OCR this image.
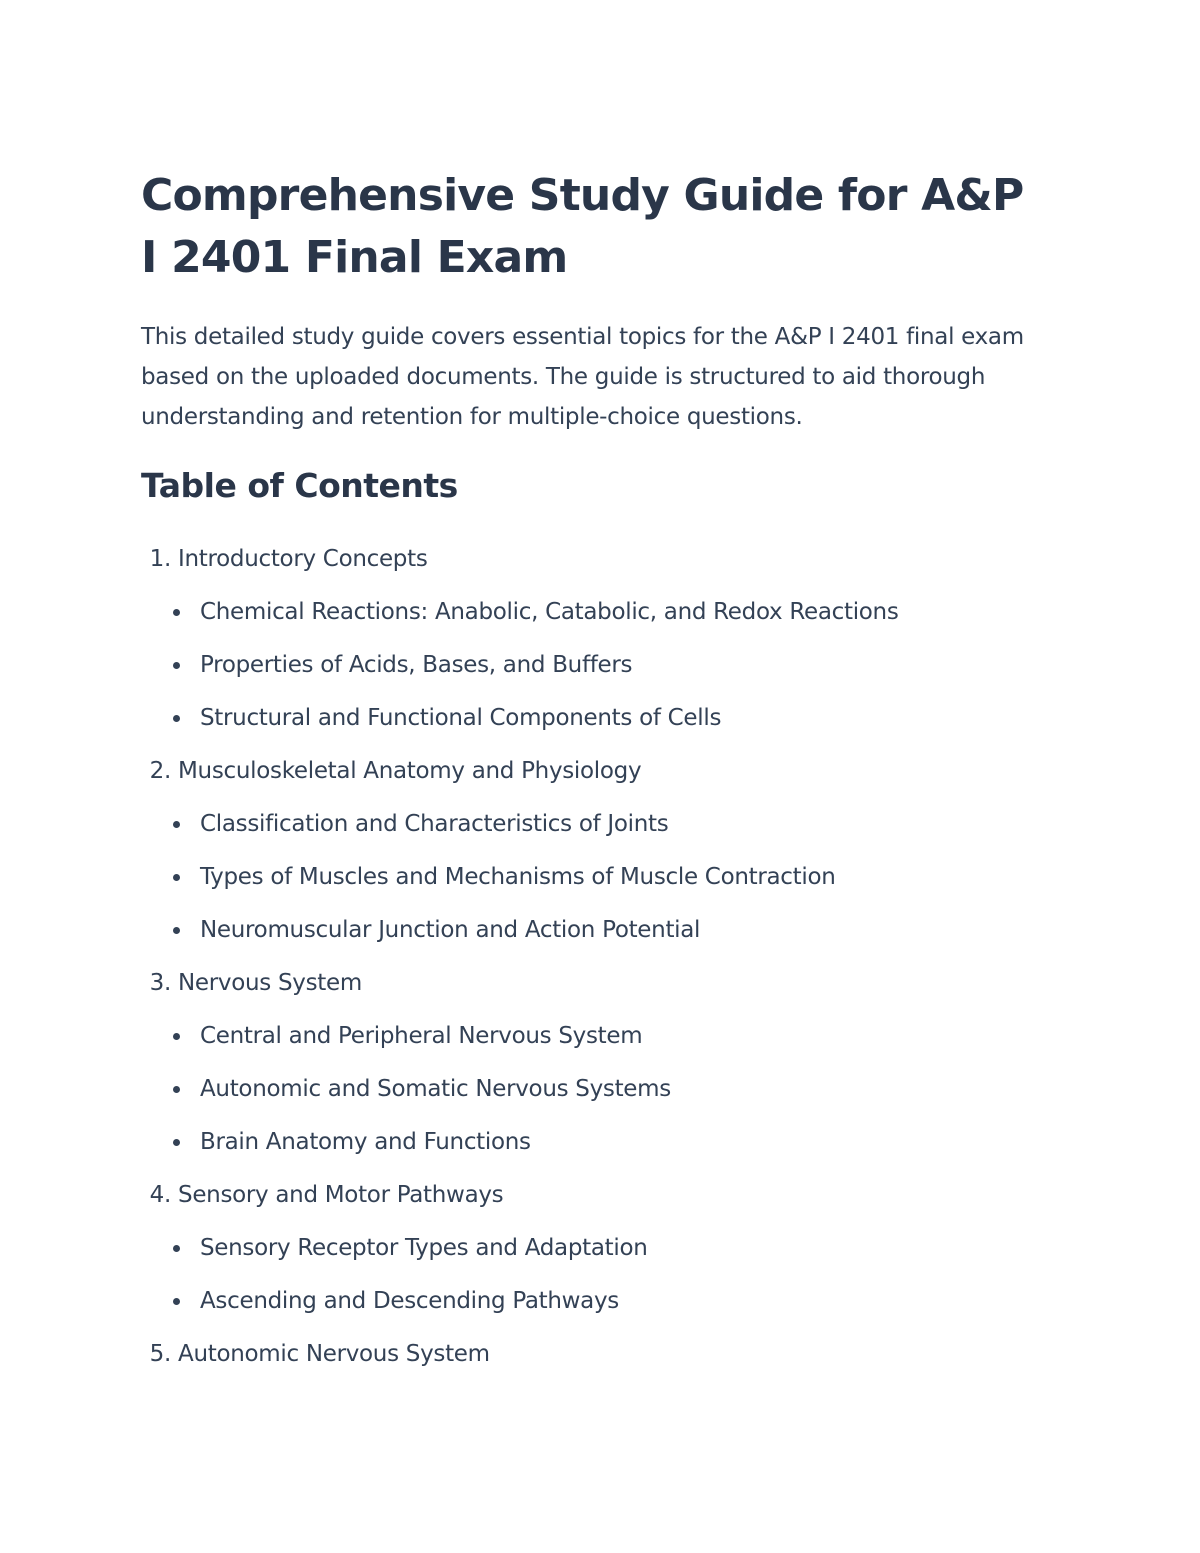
Comprehensive Study Guide for A&P I 2401 Final Exam

This detailed study guide covers essential topics for the A&P I 2401 final exam based on the uploaded documents. The guide is structured to aid thorough understanding and retention for multiple-choice questions.

Table of Contents
1. Introductory Concepts
Chemical Reactions: Anabolic, Catabolic, and Redox Reactions
Properties of Acids, Bases, and Buffers
Structural and Functional Components of Cells
2. Musculoskeletal Anatomy and Physiology
Classification and Characteristics of Joints
Types of Muscles and Mechanisms of Muscle Contraction
Neuromuscular Junction and Action Potential
3. Nervous System
Central and Peripheral Nervous System
Autonomic and Somatic Nervous Systems
Brain Anatomy and Functions
4. Sensory and Motor Pathways
Sensory Receptor Types and Adaptation
Ascending and Descending Pathways
5. Autonomic Nervous System
